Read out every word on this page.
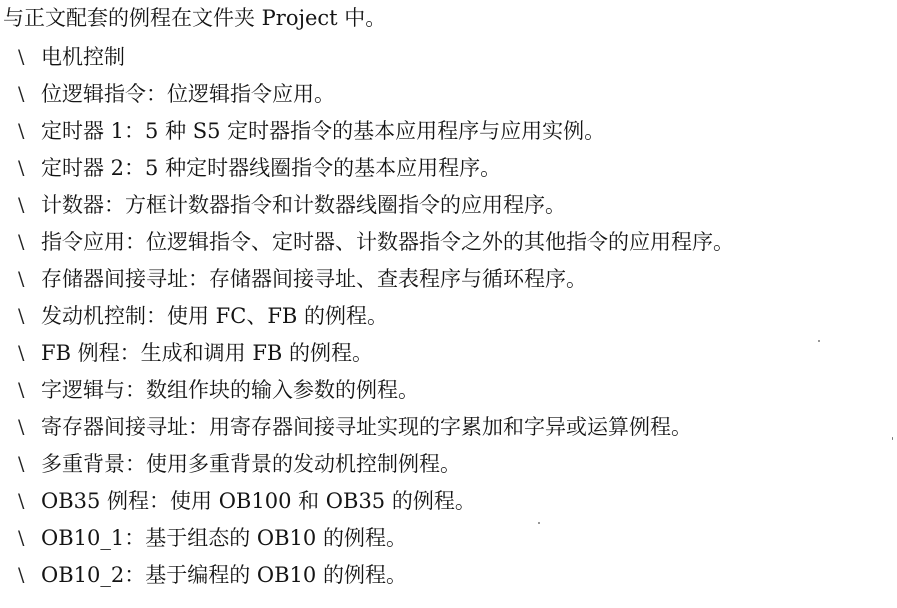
与正文配套的例程在文件夹 Project 中。
\ 电机控制
\ 位逻辑指令：位逻辑指令应用。
\ 定时器 1：5 种 S5 定时器指令的基本应用程序与应用实例。
\ 定时器 2：5 种定时器线圈指令的基本应用程序。
\ 计数器：方框计数器指令和计数器线圈指令的应用程序。
\ 指令应用：位逻辑指令、定时器、计数器指令之外的其他指令的应用程序。
\ 存储器间接寻址：存储器间接寻址、查表程序与循环程序。
\ 发动机控制：使用 FC、FB 的例程。
\ FB 例程：生成和调用 FB 的例程。
\ 字逻辑与：数组作块的输入参数的例程。
\ 寄存器间接寻址：用寄存器间接寻址实现的字累加和字异或运算例程。
\ 多重背景：使用多重背景的发动机控制例程。
\ OB35 例程：使用 OB100 和 OB35 的例程。
\ OB10_1：基于组态的 OB10 的例程。
\ OB10_2：基于编程的 OB10 的例程。
